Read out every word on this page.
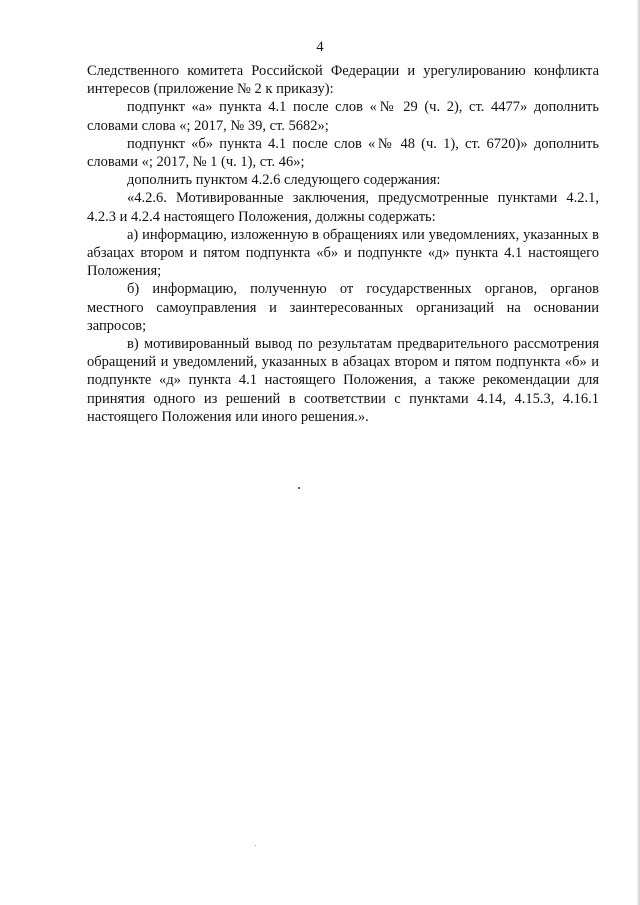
4

Следственного комитета Российской Федерации и урегулированию конфликта интересов (приложение № 2 к приказу):

подпункт «а» пункта 4.1 после слов «№ 29 (ч. 2), ст. 4477» дополнить словами слова «; 2017, № 39, ст. 5682»;

подпункт «б» пункта 4.1 после слов «№ 48 (ч. 1), ст. 6720)» дополнить словами «; 2017, № 1 (ч. 1), ст. 46»;

дополнить пунктом 4.2.6 следующего содержания:

«4.2.6. Мотивированные заключения, предусмотренные пунктами 4.2.1, 4.2.3 и 4.2.4 настоящего Положения, должны содержать:

а) информацию, изложенную в обращениях или уведомлениях, указанных в абзацах втором и пятом подпункта «б» и подпункте «д» пункта 4.1 настоящего Положения;

б) информацию, полученную от государственных органов, органов местного самоуправления и заинтересованных организаций на основании запросов;

в) мотивированный вывод по результатам предварительного рассмотрения обращений и уведомлений, указанных в абзацах втором и пятом подпункта «б» и подпункте «д» пункта 4.1 настоящего Положения, а также рекомендации для принятия одного из решений в соответствии с пунктами 4.14, 4.15.3, 4.16.1 настоящего Положения или иного решения.».
